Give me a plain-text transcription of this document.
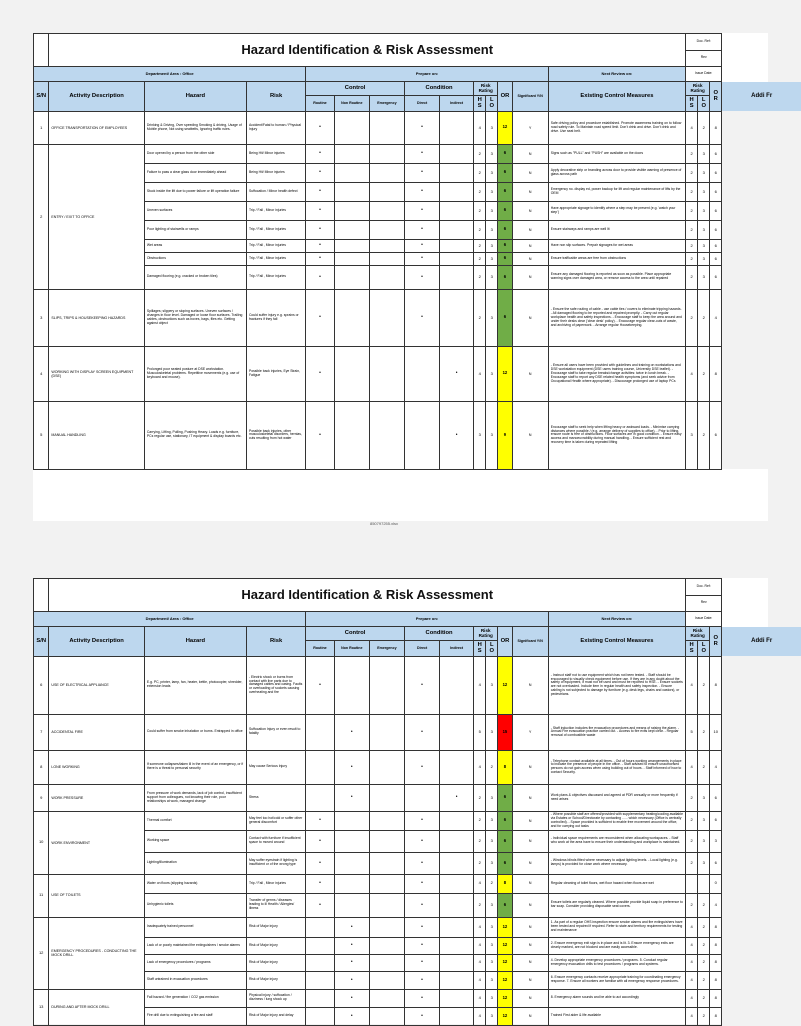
	Hazard Identification & Risk Assessment													Doc. Ref:			
														Rev			
Department/ Area : Office				Prepare on:									Next Review on:	Issue Date:			
S/N	Activity Description	Hazard	Risk	Control			Condition		Risk Rating		OR	Significant Y/N	Existing Control Measures	Risk Rating		OR	Addi Fr
				Routine	Non Routine	Emergency	Direct	Indirect	HS	LO				HS	LO		
1	OFFICE TRANSPORTATION OF EMPLOYEES	Drinking & Driving, Over speeding Smoking & driving, Usage of Mobile phone, Not using seatbelts, Ignoring traffic rules.	Accident/Fatal to human / Physical Injury	•			•		4	3	12	Y	Safe driving policy and procedure established. Promote awareness training on to follow road safety rule. To Maintain road speed limit. Don't drink and drive. Don't drink and drive. Use seat belt.	4	2	8	
2	ENTRY / EXIT TO OFFICE	Door opened by a person from the other side	Being Hit/ Minor injuries	•			•		2	3	6	N	Signs such as "PULL" and "PUSH" are available on the doors	2	3	6	
		Failure to pass a clear glass door immediately ahead	Being Hit/ Minor injuries	•			•		2	3	6	N	Apply decorative strip or branding across door to provide visible warning of presence of glass across path	2	3	6	
		Stuck inside the lift due to power failure or lift operation failure	Suffocation / Minor health defect	•			•		2	3	6	N	Emergency no. display ed, power backup for lift and regular maintenance of lifts by the OEM	2	3	6	
		Uneven surfaces	Trip / Fall , Minor injuries	•			•		2	3	6	N	Have appropriate signage to identify where a step may be present (e.g. 'watch your step')	2	3	6	
		Poor lighting of stairwells or ramps	Trip / Fall , Minor injuries	•			•		2	3	6	N	Ensure stairways and ramps are well lit	2	3	6	
		Wet areas	Trip / Fall , Minor injuries	•			•		2	3	6	N	Have non slip surfaces. Prepair signages for wet areas	2	3	6	
		Obstructions	Trip / Fall , Minor injuries	•			•		2	3	6	N	Ensure trafficable areas are free from obstructions	2	3	6	
		Damaged flooring (e.g. cracked or broken tiles)	Trip / Fall , Minor injuries	•			•		2	3	6	N	Ensure any damaged flooring is reported as soon as possible. Place appropriate warning signs over damaged area, or remove access to the area until repaired	2	3	6	
3	SLIPS, TRIPS & HOUSEKEEPING HAZARDS	Spillages; slippery or sloping surfaces. Uneven surfaces / changes in floor level. Damaged or loose floor surfaces. Trailing cables, obstructions such as boxes, bags, files etc. Getting against object	Could suffer injury e.g. sprains or fractures if they fall	•			•		2	3	6	N	- Ensure the safe routing of cable - use cable ties / covers to eliminate tripping hazards. - All damaged flooring to be reported and repaired promptly. - Carry out regular workplace health and safety inspections. - Encourage staff to keep the area around and under their desks clear ('clear desk' policy). - Encourage regular clear-outs of waste, and archiving of paperwork. - Arrange regular Housekeeping.	2	2	4	
4	WORKING WITH DISPLAY SCREEN EQUIPMENT (DSE)	Prolonged poor seated posture at DSE workstation. Musculoskeletal problems. Repetitive movements (e.g. use of keyboard and mouse).	Possible back injuries, Eye Strain, Fatigue	•				•	4	3	12	N	- Ensure all users have been provided with guidelines and training on workstations and DSE workstation equipment (DSE users training course, University DSE leaflet). - Encourage staff to take regular breaks/change activities: twice in lunch break. - Encourage staff to report any DSE related health symptoms (and seek advice from Occupational Health where appropriate). - Discourage prolonged use of laptop PCs	4	2	8	
5	MANUAL HANDLING	Carrying, Lifting, Pulling, Pushing Heavy. Loads e.g. furniture, PCs regular use, stationary, IT equipment & display boards etc.	Possible back injuries, other musculoskeletal disorders, hernias, cuts resulting from hot water	•				•	3	3	9	N	Encourage staff to seek help when lifting heavy or awkward loads. - Minimise carrying distances where possible / (e.g. arrange delivery of supplies to office). - Prior to lifting, ensure route is free of obstructions. Floor surfaces are in good condition. - Ensure easy access and manoeuvrability during manual handling. - Ensure sufficient rest and recovery time is taken during repeated lifting	3	2	6	
850797255.xlsx
	Hazard Identification & Risk Assessment													Doc. Ref:			
														Rev			
Department/ Area : Office				Prepare on:									Next Review on:	Issue Date:			
S/N	Activity Description	Hazard	Risk	Control			Condition		Risk Rating		OR	Significant Y/N	Existing Control Measures	Risk Rating		OR	Addi Fr
				Routine	Non Routine	Emergency	Direct	Indirect	HS	LO				HS	LO		
6	USE OF ELECTRICAL APPLIANCE	E.g. PC, printer, lamp, fan, heater, kettle, photocopier, shredder, extension leads	- Electric shock or burns from contact with live parts due to damaged cables and casing. Faults or overloading of sockets causing overheating and fire	•			•		4	3	12	N	- Instruct staff not to use equipment which has not been tested. - Staff should be encouraged to visually check equipment before use. If they are in any doubt about the safety of equipment, it must not be used and must be reported to HSE. - Ensure sockets are not overloaded. Include item in regular health and safety inspection. - Ensure cabling is not subjected to damage by furniture (e.g. desk legs, chairs and castors), or pedestrians.	4	2	8	
7	ACCIDENTAL FIRE	Could suffer from smoke inhalation or burns. Entrapped in office	Suffocation Injury or even result to fatality		•		•		5	3	15	Y	- Staff induction includes fire evacuation procedures and means of raising the alarm. - Annual Fire evacuation practice carried out. - Access to fire exits kept clear. - Regular removal of combustible waste	5	2	10	
8	LONE WORKING	If someone collapses/taken ill in the event of an emergency, or if there is a threat to personal security	May cause Serious Injury		•		•		4	2	8	N	- Telephone contact available at all times. - Out of hours working arrangements in place to indicate the presence of people in the office. - Staff advised to ensure unauthorised persons do not gain access when using building out of hours. - Staff informed of how to contact Security.	4	2	4	
9	WORK PRESSURE	From pressure of work demands, lack of job control, insufficient support from colleagues, not knowing their role, poor relationships at work, managed change	Stress		•			•	2	3	6	N	Work plans & objectives discussed and agreed at PDR annually or more frequently if need arises	2	3	6	
10	WORK ENVIRONMENT	Thermal comfort	May feel too hot/cold or suffer other general discomfort	•			•		2	3	6	N	- Where possible staff are offered/provided with supplementary heating/cooling available via Estates or School/Directorate by contacting ...... which necessary (Office is centrally controlled). - Space provided is sufficient to enable free movement around the office, and for carrying out tasks	2	3	6	
		Working space	Contact with furniture if insufficient space to moved around	•			•		2	3	6	N	- Individual space requirements are reconsidered when allocating workspaces. - Staff who work at the area have to ensure their understanding and workplace is maintained.	2	3	3	
		Lighting/illumination	May suffer eyestrain if lighting is insufficient or of the wrong type	•			•		2	3	6	N	- Windows blinds fitted where necessary to adjust lighting levels. - Local lighting (e.g. lamps) is provided for close work where necessary.	2	3	6	
11	USE OF TOILETS	Water on floors (slipping hazards)	Trip / Fall , Minor injuries	•			•		4	2	8	N	Regular cleaning of toilet floors, wet floor hazard when floors are wet			0	
		Unhygienic toilets	Transfer of germs / diseases leading to ill Health / Allergies/ illness	•			•		2	3	6	N	Ensure toilets are regularly cleaned. Where possible provide liquid soap in preference to bar soap. Consider providing disposable seat covers.	2	2	4	
12	EMERGENCY PROCEDURES - CONDUCTING THE MOCK DRILL	Inadequately trained personnel	Risk of Major injury		•		•		4	3	12	N	1. As part of a regular OHS inspection ensure smoke alarms and fire extinguishers have been tested and repaired if required. Refer to state and territory requirements for testing and maintenance	4	2	8	
		Lack of or poorly maintained fire extinguishers / smoke alarms	Risk of Major injury		•		•		4	3	12	N	2. Ensure emergency exit sign is in place and is lit. 3. Ensure emergency exits are clearly marked, are not blocked and are easily accessible.	4	2	8	
		Lack of emergency procedures / programs	Risk of Major injury		•		•		4	3	12	N	4. Develop appropriate emergency procedures / programs. 5. Conduct regular emergency evacuation drills to test procedures / programs and systems.	4	2	8	
		Staff untrained in evacuation procedures	Risk of Major injury		•		•		4	3	12	N	6. Ensure emergency contacts receive appropriate training for coordinating emergency response. 7. Ensure all workers are familiar with all emergency response procedures.	4	2	8	
13	DURING AND AFTER MOCK DRILL	Fall hazard / fire generation / CO2 gas emission	Physical injury / suffocation / dizziness / lung shock up		•		•		4	3	12	N	8. Emergency alarm sounds and be able to act accordingly	4	2	8	
		Fire drill due to extinguishing a fire and staff	Risk of Major injury and delay		•		•		4	3	12	N	Trained First aider & life available	4	2	8	
